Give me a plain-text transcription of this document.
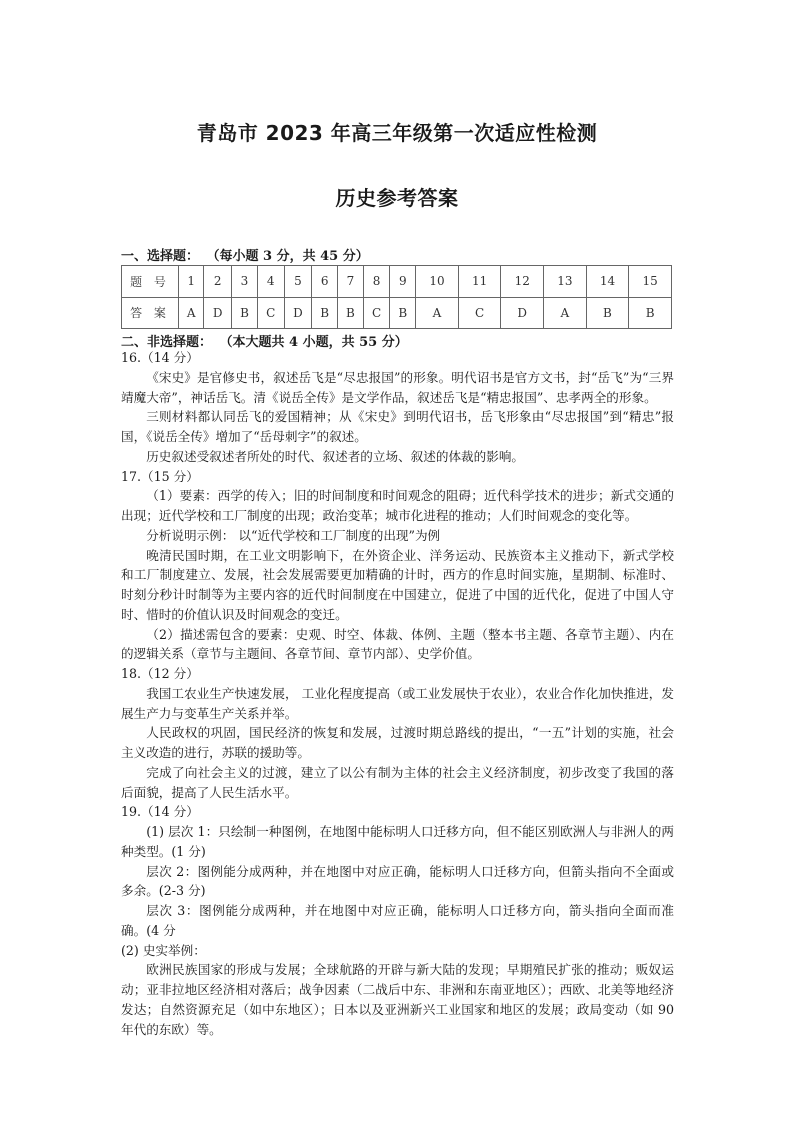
青岛市 2023 年高三年级第一次适应性检测
历史参考答案
一、选择题： （每小题 3 分，共 45 分）
题 号	1	2	3	4	5	6	7	8	9	10	11	12	13	14	15
答 案	A	D	B	C	D	B	B	C	B	A	C	D	A	B	B
二、非选择题： （本大题共 4 小题，共 55 分）

16.（14 分）

《宋史》是官修史书，叙述岳飞是“尽忠报国”的形象。明代诏书是官方文书，封“岳飞”为“三界靖魔大帝”，神话岳飞。清《说岳全传》是文学作品，叙述岳飞是“精忠报国”、忠孝两全的形象。

三则材料都认同岳飞的爱国精神；从《宋史》到明代诏书，岳飞形象由“尽忠报国”到“精忠”报国，《说岳全传》增加了“岳母刺字”的叙述。

历史叙述受叙述者所处的时代、叙述者的立场、叙述的体裁的影响。

17.（15 分）

（1）要素：西学的传入；旧的时间制度和时间观念的阻碍；近代科学技术的进步；新式交通的出现；近代学校和工厂制度的出现；政治变革；城市化进程的推动；人们时间观念的变化等。

分析说明示例： 以“近代学校和工厂制度的出现”为例

晚清民国时期，在工业文明影响下，在外资企业、洋务运动、民族资本主义推动下，新式学校和工厂制度建立、发展，社会发展需要更加精确的计时，西方的作息时间实施，星期制、标准时、时刻分秒计时制等为主要内容的近代时间制度在中国建立，促进了中国的近代化，促进了中国人守时、惜时的价值认识及时间观念的变迁。

（2）描述需包含的要素：史观、时空、体裁、体例、主题（整本书主题、各章节主题）、内在的逻辑关系（章节与主题间、各章节间、章节内部）、史学价值。

18.（12 分）

我国工农业生产快速发展， 工业化程度提高（或工业发展快于农业），农业合作化加快推进，发展生产力与变革生产关系并举。

人民政权的巩固，国民经济的恢复和发展，过渡时期总路线的提出，“一五”计划的实施，社会主义改造的进行，苏联的援助等。

完成了向社会主义的过渡，建立了以公有制为主体的社会主义经济制度，初步改变了我国的落后面貌，提高了人民生活水平。

19.（14 分）

(1) 层次 1：只绘制一种图例，在地图中能标明人口迁移方向，但不能区别欧洲人与非洲人的两种类型。(1 分)

层次 2：图例能分成两种，并在地图中对应正确，能标明人口迁移方向，但箭头指向不全面或多余。(2-3 分)

层次 3：图例能分成两种，并在地图中对应正确，能标明人口迁移方向，箭头指向全面而准确。(4 分

(2) 史实举例：

欧洲民族国家的形成与发展；全球航路的开辟与新大陆的发现；早期殖民扩张的推动；贩奴运动；亚非拉地区经济相对落后；战争因素（二战后中东、非洲和东南亚地区）；西欧、北美等地经济发达；自然资源充足（如中东地区）；日本以及亚洲新兴工业国家和地区的发展；政局变动（如 90 年代的东欧）等。
